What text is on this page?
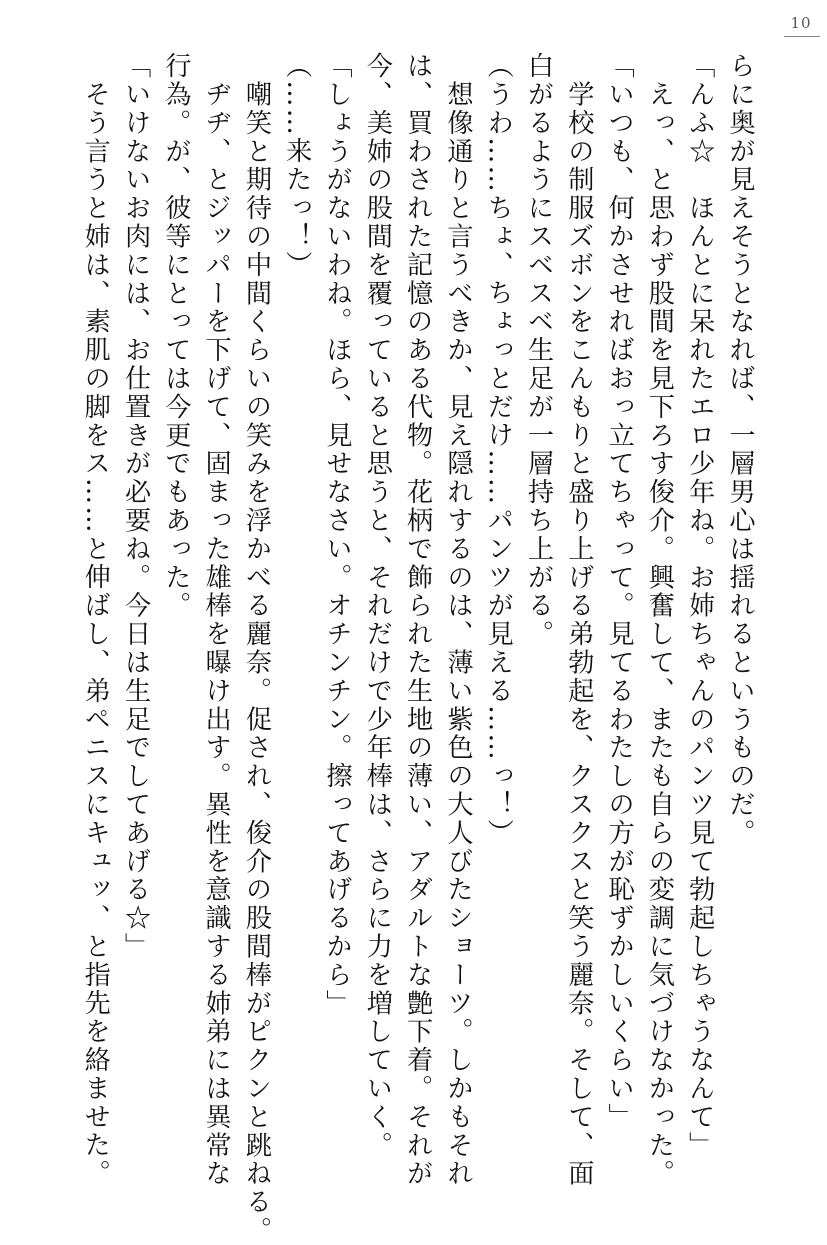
10

らに奥が見えそうとなれば、一層男心は揺れるというものだ。

「んふ☆　ほんとに呆れたエロ少年ね。お姉ちゃんのパンツ見て勃起しちゃうなんて」

　えっ、と思わず股間を見下ろす俊介。興奮して、またも自らの変調に気づけなかった。

「いつも、何かさせればおっ立てちゃって。見てるわたしの方が恥ずかしいくらい」

　学校の制服ズボンをこんもりと盛り上げる弟勃起を、クスクスと笑う麗奈。そして、面

白がるようにスベスベ生足が一層持ち上がる。

（うわ……ちょ、ちょっとだけ……パンツが見える……っ！）

　想像通りと言うべきか、見え隠れするのは、薄い紫色の大人びたショーツ。しかもそれ

は、買わされた記憶のある代物。花柄で飾られた生地の薄い、アダルトな艶下着。それが

今、美姉の股間を覆っていると思うと、それだけで少年棒は、さらに力を増していく。

「しょうがないわね。ほら、見せなさい。オチンチン。擦ってあげるから」

（……来たっ！）

　嘲笑と期待の中間くらいの笑みを浮かべる麗奈。促され、俊介の股間棒がピクンと跳ねる。

　ヂヂ、とジッパーを下げて、固まった雄棒を曝け出す。異性を意識する姉弟には異常な

行為。が、彼等にとっては今更でもあった。

「いけないお肉には、お仕置きが必要ね。今日は生足でしてあげる☆」

　そう言うと姉は、素肌の脚をス……と伸ばし、弟ペニスにキュッ、と指先を絡ませた。
